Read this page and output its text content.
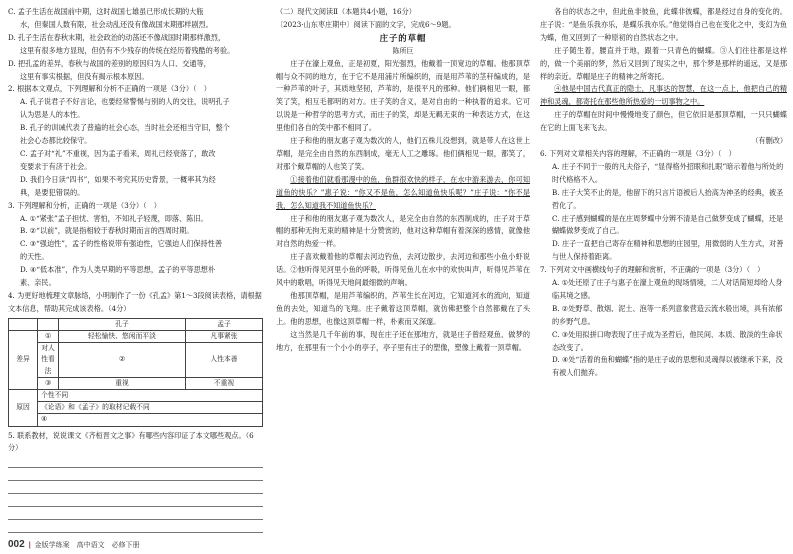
C. 孟子生活在战国前中期，这时战国七雄虽已形成长期的大瓶

水，但秦国人数有限，社会动乱还没有像战国末期那样剧烈。

D. 孔子生活在春秋末期，社会政治的动荡还不像战国时期那样激烈，

这里有很多地方显现，但仍有不少残存的传统在经历着残酷的考验。

D. 把孔孟的差异，春秋与战国的差别的原因归为人口、交通等，

这里有事实根据，但没有揭示根本原因。

2. 根据本文观点，下列理解和分析不正确的一项是（3分）（　）

A. 孔子说君子不好言论，也要经常警惕与别的人的交往，说明孔子

认为思是人的本性。

B. 孔子的训诫代表了普遍的社会心态，当时社会还相当守旧，整个

社会心态都比较保守。

C. 孟子对“礼”不重视，因为孟子看来，周礼已经衰落了，敢改

变要求于有济于社会。

D. 我们今日读“四书”，如果不考究其历史背景，一概率其为经

典，是要犯错误的。

3. 下列理解和分析，正确的一项是（3分）（　）

A. ①“紧张”孟子担忧、害怕，不知礼子轻蔑，即落、陈旧。

B. ②“以前”，就是指相较于春秋时期而言的西周时期。

C. ③“强迫性”，孟子的性格说带有强迫性，它强迫人们保持性善

的天性。

D. ④“低本准”，作为人类早期的平等思想，孟子的平等思想朴

素、亲民。

4. 为更好地梳理文章脉络，小明制作了一份《孔孟》第1～3段阅读表格，请根据文本信息，帮助其完成该表格。（4分）

		孔子	孟子
差异	①	轻松愉快、悠闲而平淡	凡事紧张
	对人性看法	②	人性本善
	③	重视	不重视
原因	个性不同		
	《论语》和《孟子》的取材记载不同		
	④		

5. 联系教材，说说课文《齐桓晋文之事》有哪些内容印证了本文哪些观点。（6分）

（二）现代文阅读Ⅱ（本题共4小题，16分）

〔2023·山东枣庄期中〕阅读下面的文字，完成6～9题。

庄子的草帽

陈所巨

庄子在濠上观鱼，正是初夏，阳光强烈，他戴着一顶宽边的草帽。他那顶草帽与众不同的地方，在于它不是用浦片所编织的，而是用芦苇的茎秆编成的，是一种芦苇的叶子，其质地坚韧，芦苇的，是很平凡的那种。他们俩相见一眼，都笑了笑，相互毛都明的对方。庄子笑的含义，是对自由的一种执着的追求。它可以说是一种哲学的思考方式，而庄子的笑，却是无羁无束的一种表达方式，在这里他们各自的笑中都不相同了。

庄子和他的朋友惠子观为数次的人，他们五株儿没想到，就是带人在这世上草帽，是完全由自然的东西制成，毫无人工之雕琢。他们俩相见一眼，都笑了，对那个戴草帽的人也笑了笑。

①接着他们就看那漫中的鱼，鱼群很欢快的样子，在水中游来游去，你可知道鱼的快乐？”惠子说：“你又不是鱼，怎么知道鱼快乐呢？”庄子说：“你不是我，怎么知道我不知道鱼快乐？

庄子和他的朋友惠子观为数次人，是完全由自然的东西制成的，庄子对于草帽的那种无拘无束的精神是十分赞赏的，他对这种草帽有着深深的感情，就像他对自然的热爱一样。

庄子喜欢戴着他的草帽去河边钓鱼，去河边散步，去河边和那些小鱼小虾说话。②他听得见河里小鱼的呼吸，听得见鱼儿在水中的欢快叫声，听得见芦苇在风中的歌唱，听得见天地间最细微的声响。

他那顶草帽，是用芦苇编织的，芦苇生长在河边，它知道河水的流向，知道鱼的去处，知道鸟的飞翔。庄子戴着这顶草帽，就仿佛把整个自然都戴在了头上。他的思想，也像这顶草帽一样，朴素而又深邃。

这当然是几千年前的事，现在庄子还在那地方，就是庄子曾经观鱼、做梦的地方，在那里有一个小小的亭子，亭子里有庄子的塑像，塑像上戴着一顶草帽。

各自的状态之中，但此鱼非彼鱼，此蝶非彼蝶，都是经过自身的变化的。庄子说：“是鱼乐我亦乐，是蝶乐我亦乐。”他觉得自己也在变化之中，变幻为鱼为蝶，他又回到了一种原初的自然状态之中。

庄子随生着，腰直并于地，跟着一只青色的蝴蝶。③人们往往都是这样的，做一个美丽的梦，然后又回到了现实之中，那个梦是那样的遥远，又是那样的亲近。草帽是庄子的精神之所寄托。

④他是中国古代真正的隐士，凡事达的智慧，在这一点上，他把自己的精神和灵魂，都寄托在那些他所热爱的一切事物之中。

庄子的草帽在时间中慢慢地变了颜色，但它依旧是那顶草帽，一只只蝴蝶在它的上面飞来飞去。

（有删改）

6. 下列对文章相关内容的理解，不正确的一项是（3分）（　）

A. 庄子不同于一般的凡夫俗子，“显得格外招眼和扎眼”暗示着他与所处的时代格格不入。

B. 庄子大笑不止的是，他留下的只言片语被后人抬高为神圣的经典，被圣哲化了。

C. 庄子感到蝴蝶的是在庄周梦蝶中分辨不清是自己做梦变成了蝴蝶，还是蝴蝶做梦变成了自己。

D. 庄子一直把自己寄存在精神和思想的庄园里，用微弱的人生方式，对善与世人保持着距离。

7. 下列对文中画横线句子的理解和赏析，不正确的一项是（3分）（　）

A. ①处还原了庄子与惠子在濠上观鱼的现场情境，二人对话简短却给人身临其境之感。

B. ②处野草、散烟、泥土、泡等一系列意象营造云流水般出境，具有浓郁的乡野气息。

C. ③处用拟拼口吻表现了庄子成为圣哲后，他民间、本质、散淡的生命状态改变了。

D. ④处“活着的鱼和蝴蝶”指的是庄子或的思想和灵魂得以被继承下来，没有被人们抛弃。

002 | 金版学练案　高中语文　必修下册
